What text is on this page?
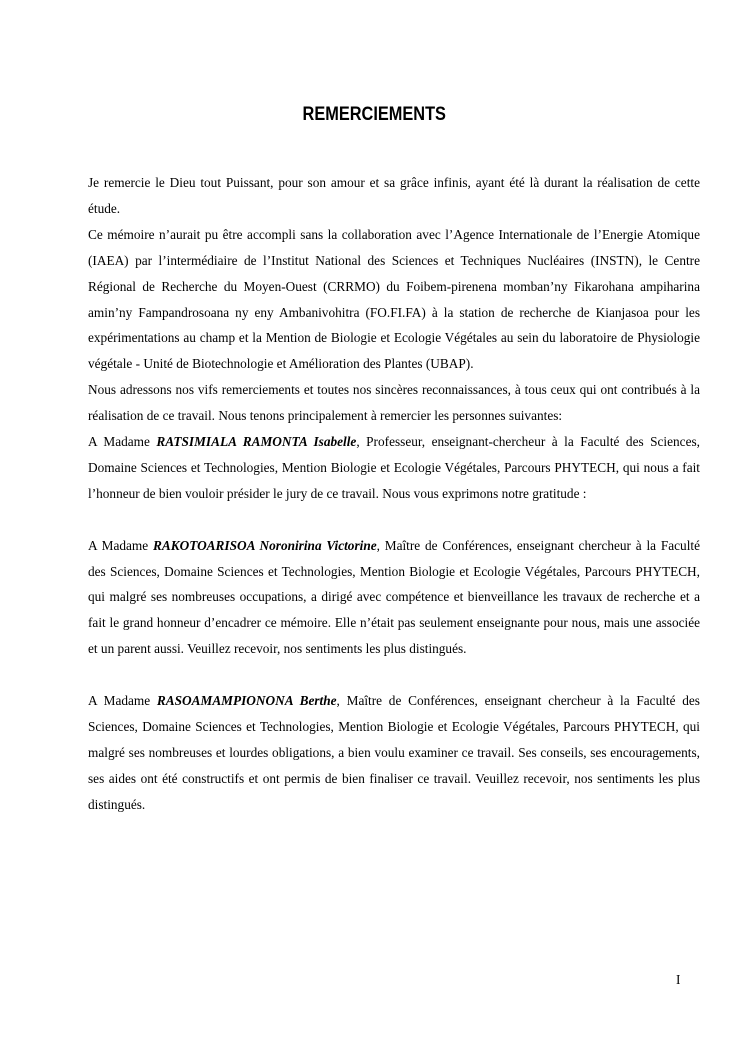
REMERCIEMENTS

Je remercie le Dieu tout Puissant, pour son amour et sa grâce infinis, ayant été là durant la réalisation de cette étude.

Ce mémoire n’aurait pu être accompli sans la collaboration avec l’Agence Internationale de l’Energie Atomique (IAEA) par l’intermédiaire de l’Institut National des Sciences et Techniques Nucléaires (INSTN), le Centre Régional de Recherche du Moyen-Ouest (CRRMO) du Foibem-pirenena momban’ny Fikarohana ampiharina amin’ny Fampandrosoana ny eny Ambanivohitra (FO.FI.FA) à la station de recherche de Kianjasoa pour les expérimentations au champ et la Mention de Biologie et Ecologie Végétales au sein du laboratoire de Physiologie végétale - Unité de Biotechnologie et Amélioration des Plantes (UBAP).

Nous adressons nos vifs remerciements et toutes nos sincères reconnaissances, à tous ceux qui ont contribués à la réalisation de ce travail. Nous tenons principalement à remercier les personnes suivantes:

A Madame RATSIMIALA RAMONTA Isabelle, Professeur, enseignant-chercheur à la Faculté des Sciences, Domaine Sciences et Technologies, Mention Biologie et Ecologie Végétales, Parcours PHYTECH, qui nous a fait l’honneur de bien vouloir présider le jury de ce travail. Nous vous exprimons notre gratitude :

A Madame RAKOTOARISOA Noronirina Victorine, Maître de Conférences, enseignant chercheur à la Faculté des Sciences, Domaine Sciences et Technologies, Mention Biologie et Ecologie Végétales, Parcours PHYTECH, qui malgré ses nombreuses occupations, a dirigé avec compétence et bienveillance les travaux de recherche et a fait le grand honneur d’encadrer ce mémoire. Elle n’était pas seulement enseignante pour nous, mais une associée et un parent aussi. Veuillez recevoir, nos sentiments les plus distingués.

A Madame RASOAMAMPIONONA Berthe, Maître de Conférences, enseignant chercheur à la Faculté des Sciences, Domaine Sciences et Technologies, Mention Biologie et Ecologie Végétales, Parcours PHYTECH, qui malgré ses nombreuses et lourdes obligations, a bien voulu examiner ce travail. Ses conseils, ses encouragements, ses aides ont été constructifs et ont permis de bien finaliser ce travail. Veuillez recevoir, nos sentiments les plus distingués.

I
